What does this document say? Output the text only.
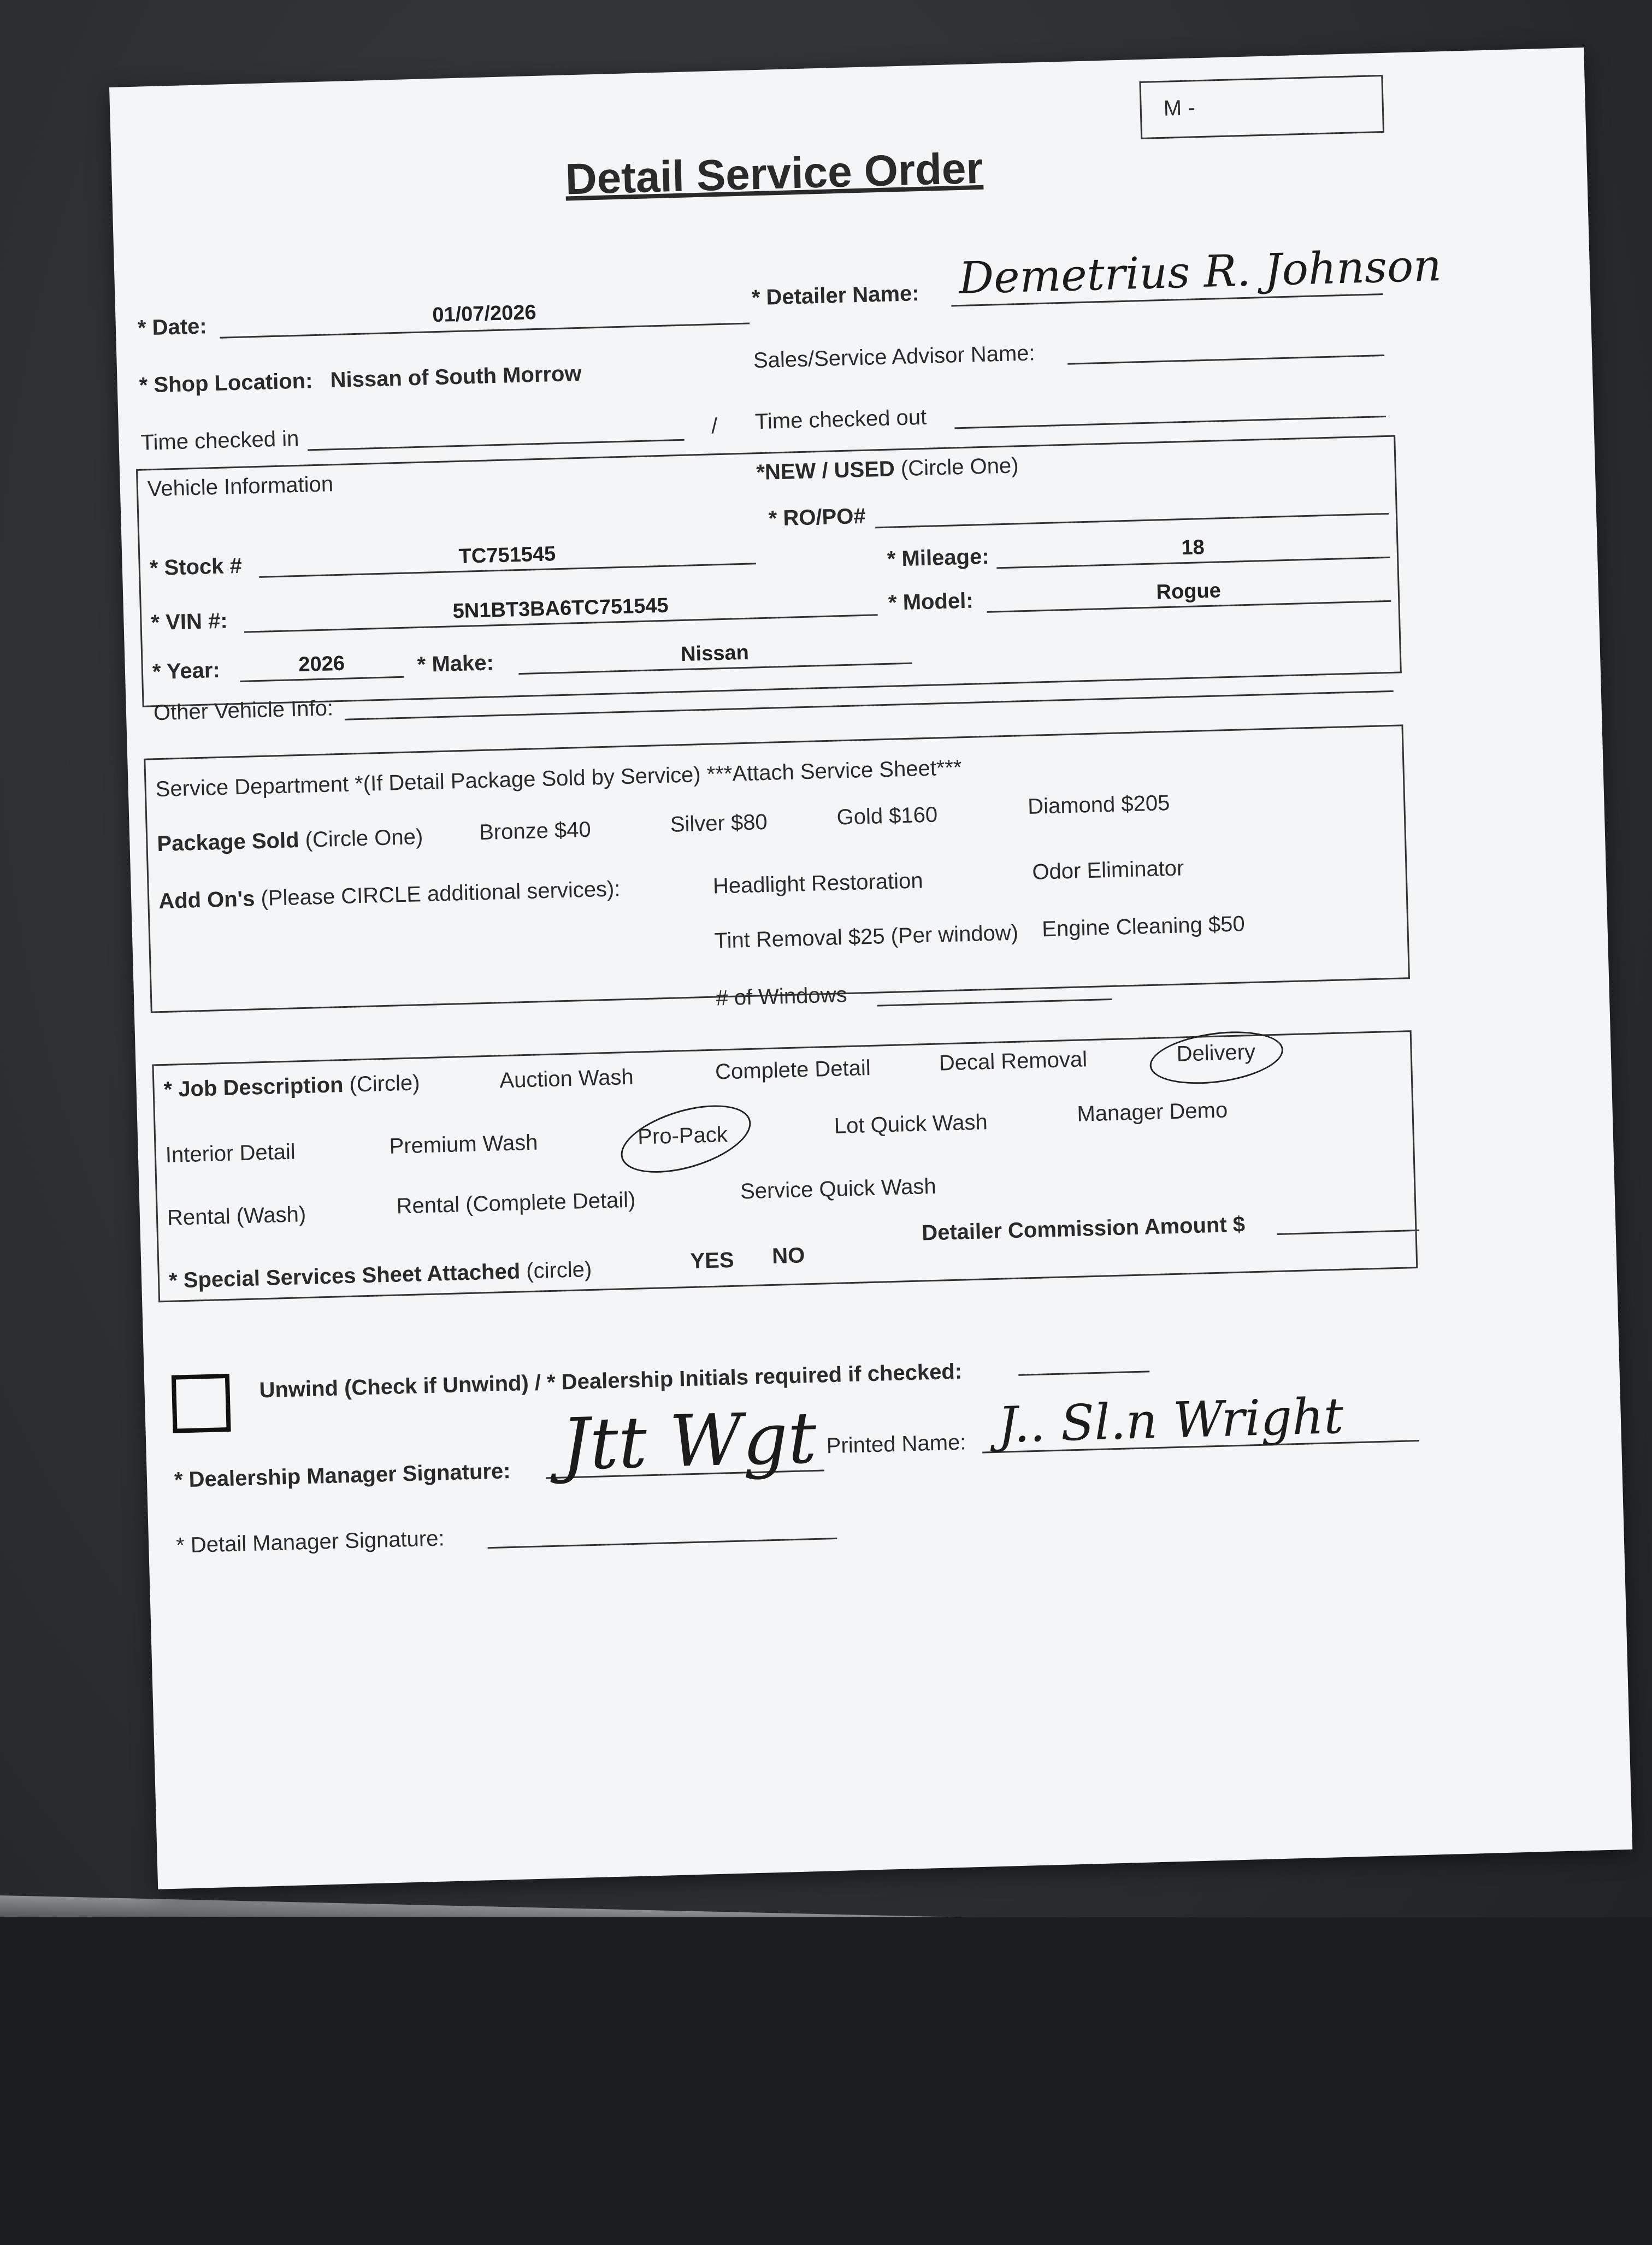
Detail Service Order
M -
* Date:
01/07/2026
* Detailer Name: Demetrius R. Johnson
* Shop Location: Nissan of South Morrow
Sales/Service Advisor Name:
Time checked in
/ Time checked out
Vehicle Information
*NEW / USED (Circle One)
* RO/PO#
* Stock #	TC751545	* Mileage:	18
* VIN #:	5N1BT3BA6TC751545	* Model:	Rogue
* Year:	2026	* Make:	Nissan
Other Vehicle Info:
Service Department *(If Detail Package Sold by Service) ***Attach Service Sheet***
Package Sold (Circle One)	Bronze $40	Silver $80	Gold $160	Diamond $205
Add On's (Please CIRCLE additional services):	Headlight Restoration	Odor Eliminator
Tint Removal $25 (Per window) Engine Cleaning $50
# of Windows
* Job Description (Circle)	Auction Wash	Complete Detail	Decal Removal	Delivery
Interior Detail	Premium Wash	Pro-Pack	Lot Quick Wash	Manager Demo
Rental (Wash)	Rental (Complete Detail)	Service Quick Wash
Detailer Commission Amount $
* Special Services Sheet Attached (circle)	YES NO
Unwind (Check if Unwind) / * Dealership Initials required if checked:
* Dealership Manager Signature: Jtt Wgt Printed Name: J.. Sl.n Wright
* Detail Manager Signature:
